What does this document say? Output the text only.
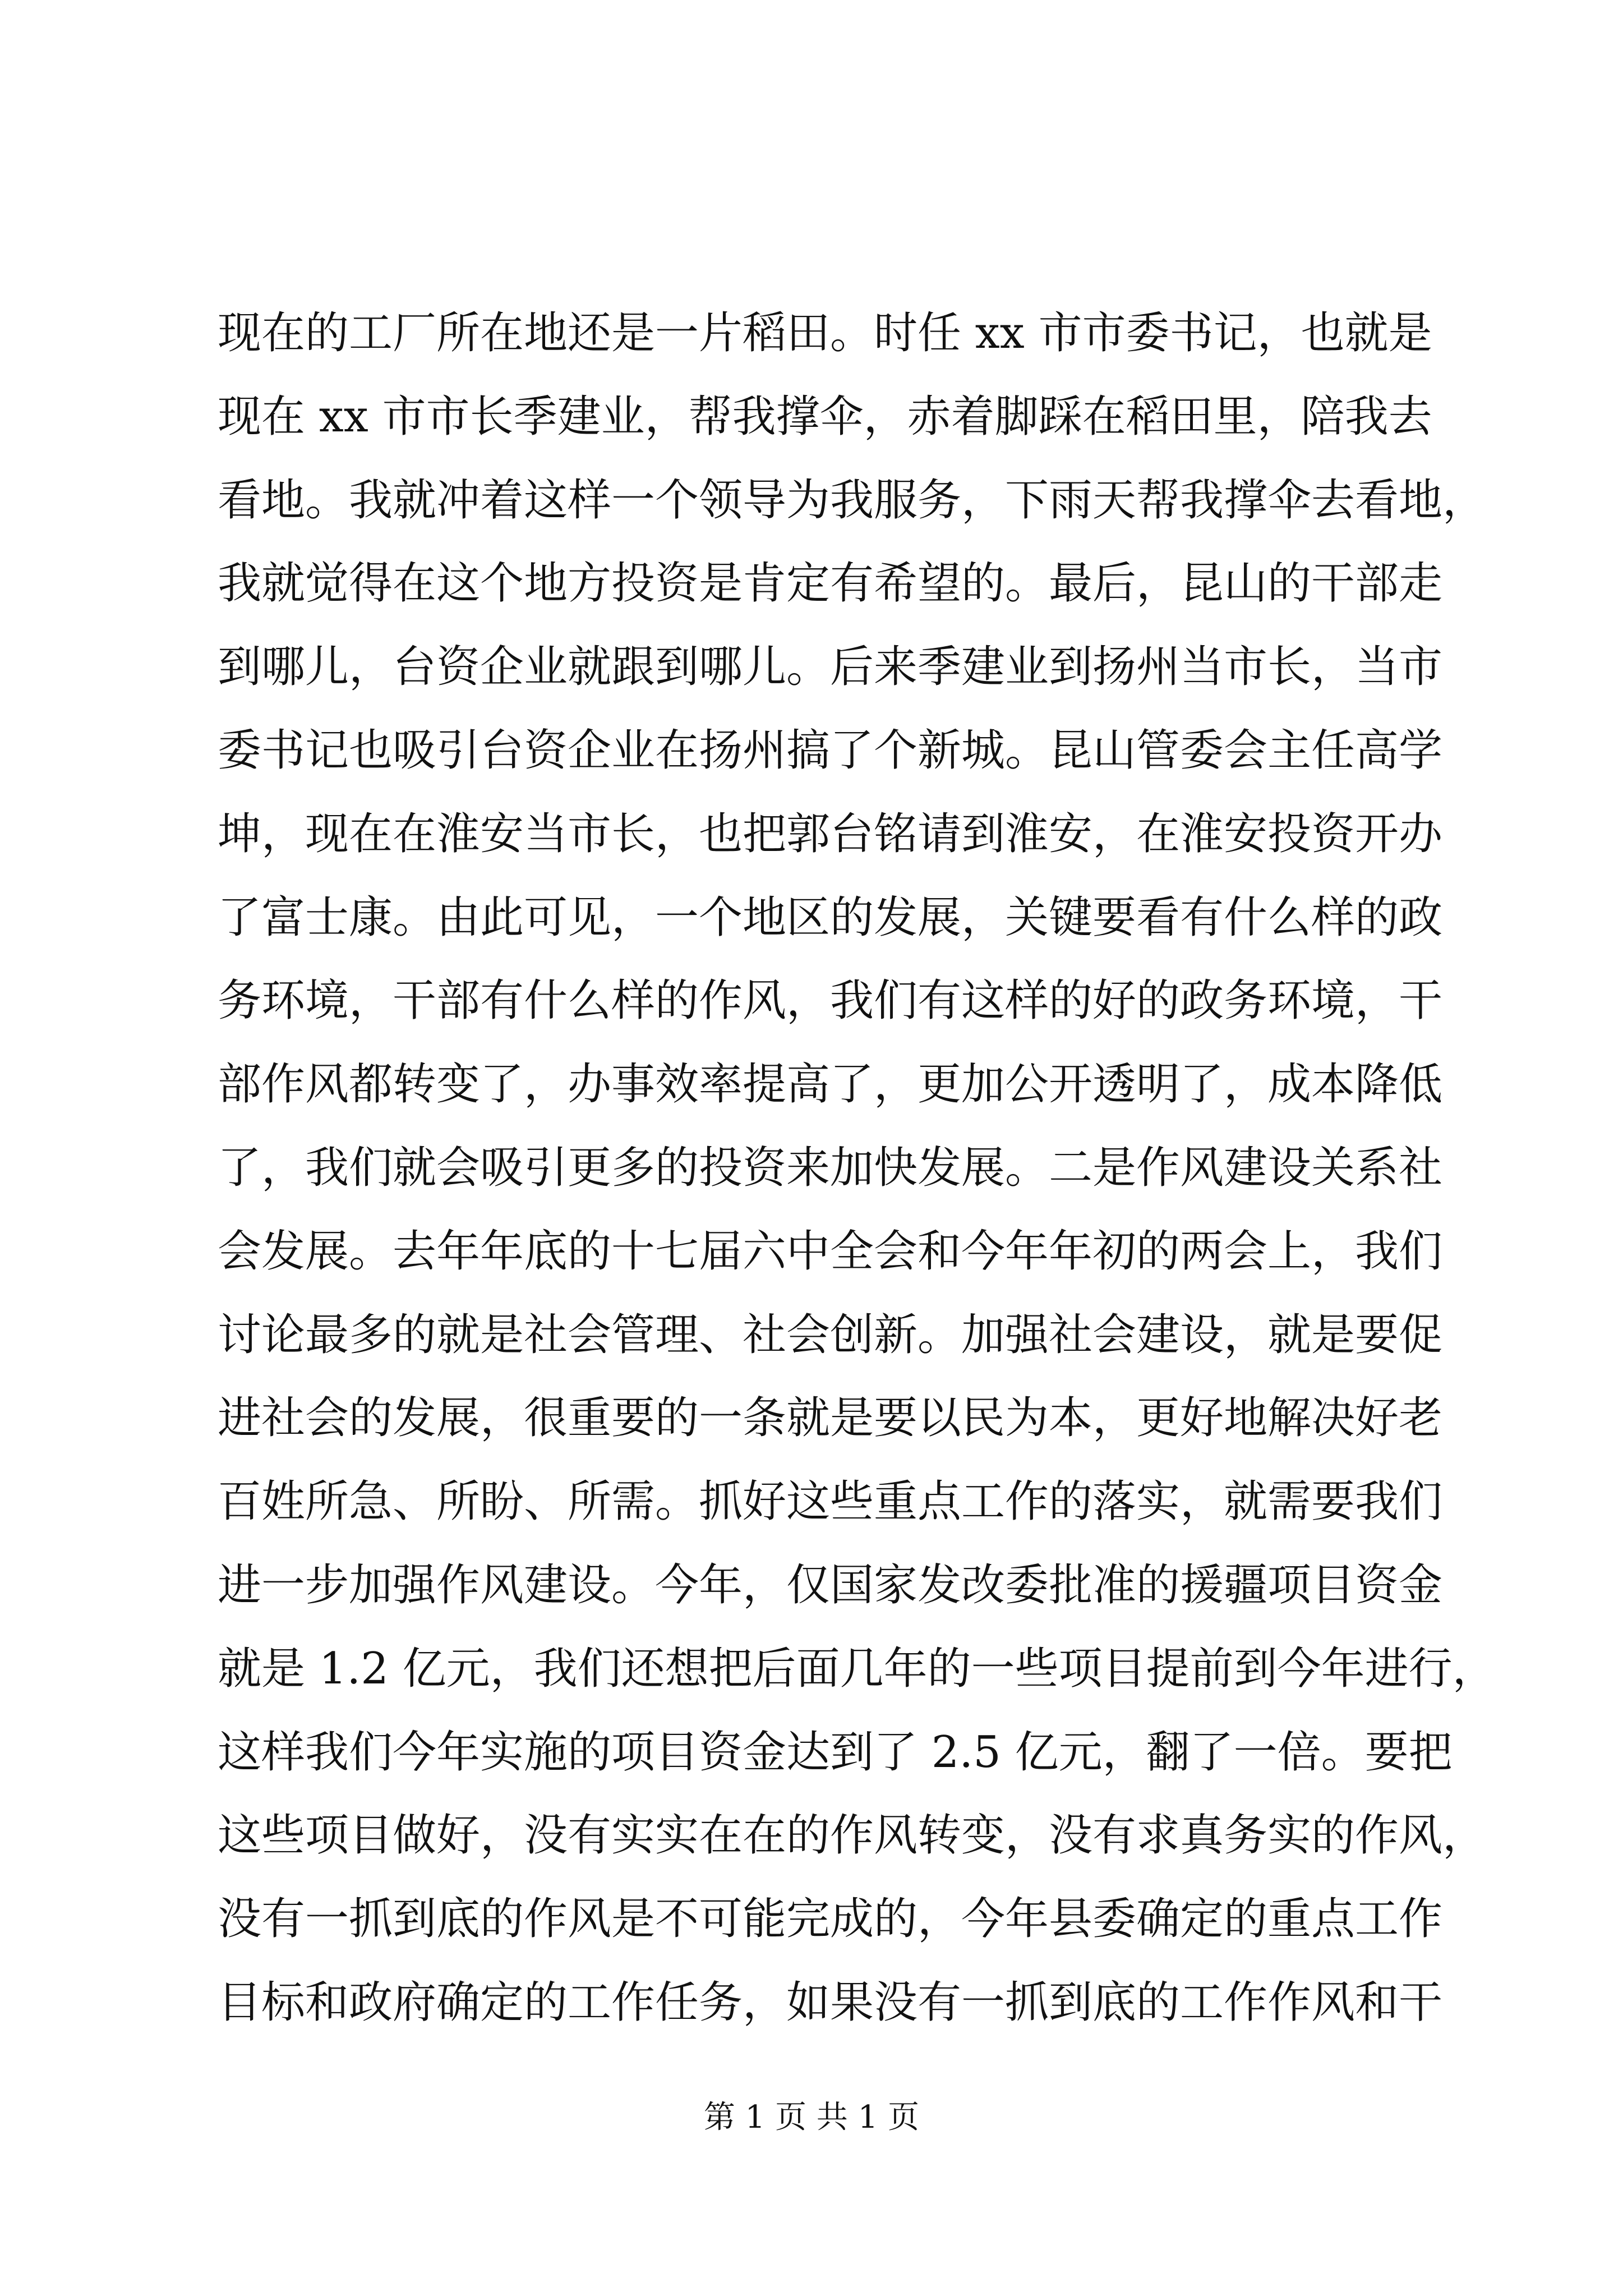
现在的工厂所在地还是一片稻田。时任 xx 市市委书记，也就是
现在 xx 市市长季建业，帮我撑伞，赤着脚踩在稻田里，陪我去
看地。我就冲着这样一个领导为我服务，下雨天帮我撑伞去看地，
我就觉得在这个地方投资是肯定有希望的。最后，昆山的干部走
到哪儿，台资企业就跟到哪儿。后来季建业到扬州当市长，当市
委书记也吸引台资企业在扬州搞了个新城。昆山管委会主任高学
坤，现在在淮安当市长，也把郭台铭请到淮安，在淮安投资开办
了富士康。由此可见，一个地区的发展，关键要看有什么样的政
务环境，干部有什么样的作风，我们有这样的好的政务环境，干
部作风都转变了，办事效率提高了，更加公开透明了，成本降低
了，我们就会吸引更多的投资来加快发展。二是作风建设关系社
会发展。去年年底的十七届六中全会和今年年初的两会上，我们
讨论最多的就是社会管理、社会创新。加强社会建设，就是要促
进社会的发展，很重要的一条就是要以民为本，更好地解决好老
百姓所急、所盼、所需。抓好这些重点工作的落实，就需要我们
进一步加强作风建设。今年，仅国家发改委批准的援疆项目资金
就是 1.2 亿元，我们还想把后面几年的一些项目提前到今年进行，
这样我们今年实施的项目资金达到了 2.5 亿元，翻了一倍。要把
这些项目做好，没有实实在在的作风转变，没有求真务实的作风，
没有一抓到底的作风是不可能完成的，今年县委确定的重点工作
目标和政府确定的工作任务，如果没有一抓到底的工作作风和干
第 1 页 共 1 页
